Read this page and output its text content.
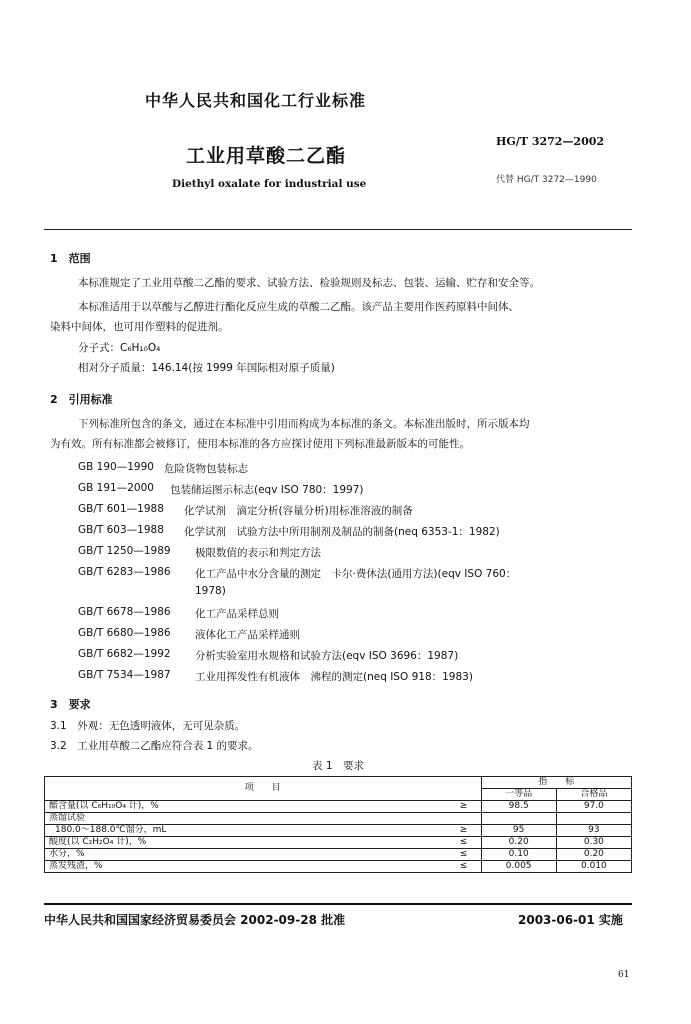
中华人民共和国化工行业标准
工业用草酸二乙酯
Diethyl oxalate for industrial use
HG/T 3272—2002
代替 HG/T 3272—1990
1　范围
本标准规定了工业用草酸二乙酯的要求、试验方法、检验规则及标志、包装、运输、贮存和安全等。
本标准适用于以草酸与乙醇进行酯化反应生成的草酸二乙酯。该产品主要用作医药原料中间体、
染料中间体，也可用作塑料的促进剂。
分子式：C₆H₁₀O₄
相对分子质量：146.14(按 1999 年国际相对原子质量)
2　引用标准
下列标准所包含的条文，通过在本标准中引用而构成为本标准的条文。本标准出版时，所示版本均
为有效。所有标准都会被修订，使用本标准的各方应探讨使用下列标准最新版本的可能性。
GB 190—1990 危险货物包装标志
GB 191—2000 包装储运图示标志(eqv ISO 780：1997)
GB/T 601—1988 化学试剂　滴定分析(容量分析)用标准溶液的制备
GB/T 603—1988 化学试剂　试验方法中所用制剂及制品的制备(neq 6353-1：1982)
GB/T 1250—1989 极限数值的表示和判定方法
GB/T 6283—1986 化工产品中水分含量的测定　卡尔·费休法(通用方法)(eqv ISO 760：
1978)
GB/T 6678—1986 化工产品采样总则
GB/T 6680—1986 液体化工产品采样通则
GB/T 6682—1992 分析实验室用水规格和试验方法(eqv ISO 3696：1987)
GB/T 7534—1987 工业用挥发性有机液体　沸程的测定(neq ISO 918：1983)
3　要求
3.1　外观：无色透明液体，无可见杂质。
3.2　工业用草酸二乙酯应符合表 1 的要求。
表 1　要求
项　　目		指　　标	
		一等品	合格品
酯含量(以 C₆H₁₀O₄ 计)，%	≥	98.5	97.0
蒸馏试验			
180.0～188.0℃馏分，mL	≥	95	93
酸度(以 C₂H₂O₄ 计)，%	≤	0.20	0.30
水分，%	≤	0.10	0.20
蒸发残渣，%	≤	0.005	0.010
中华人民共和国国家经济贸易委员会 2002-09-28 批准	2003-06-01 实施
61
